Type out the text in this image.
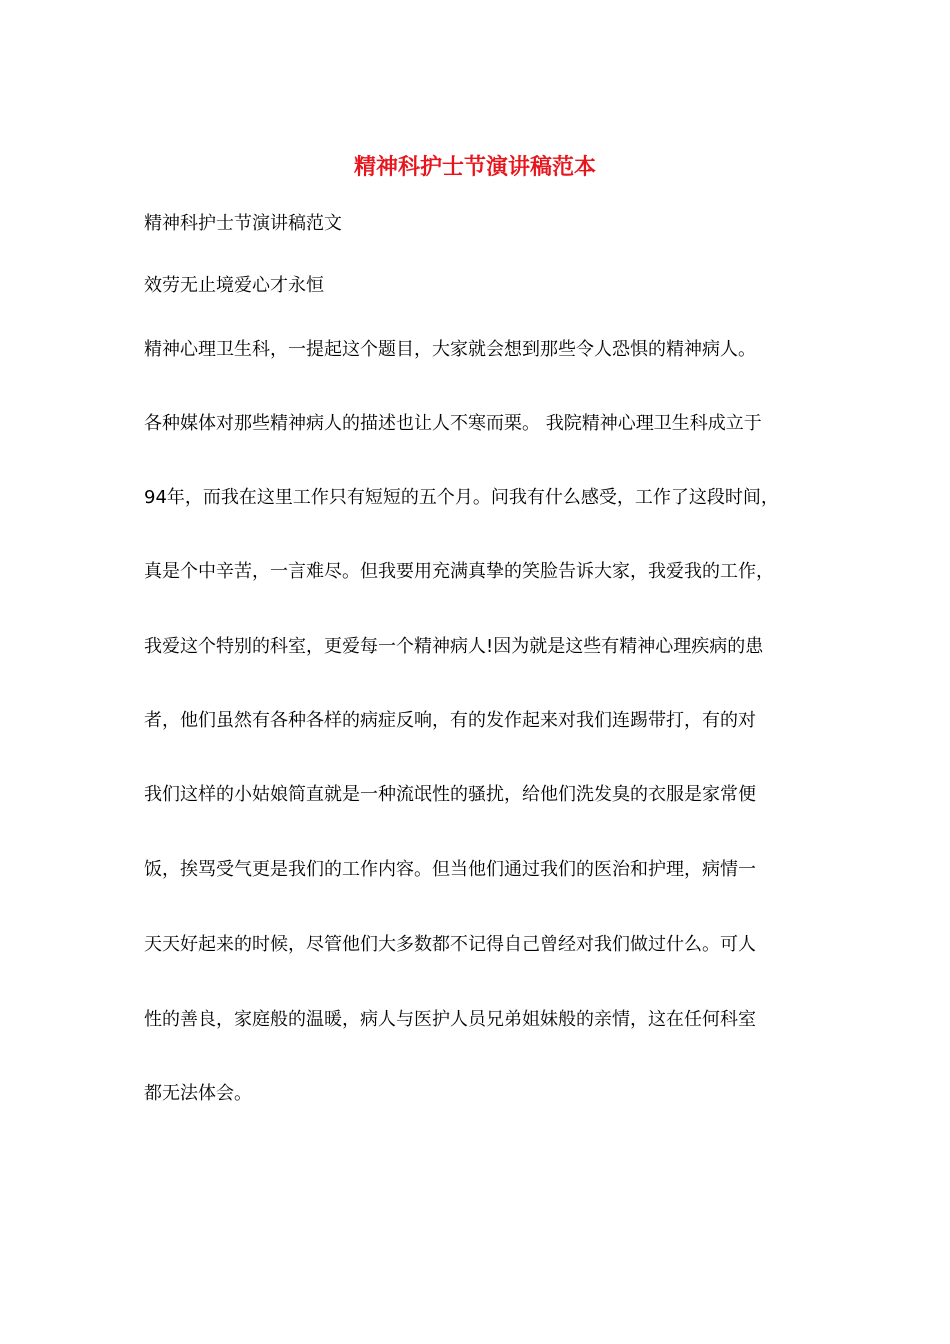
精神科护士节演讲稿范本
精神科护士节演讲稿范文
效劳无止境爱心才永恒
精神心理卫生科，一提起这个题目，大家就会想到那些令人恐惧的精神病人。
各种媒体对那些精神病人的描述也让人不寒而栗。 我院精神心理卫生科成立于
94年，而我在这里工作只有短短的五个月。问我有什么感受，工作了这段时间，
真是个中辛苦，一言难尽。但我要用充满真挚的笑脸告诉大家，我爱我的工作，
我爱这个特别的科室，更爱每一个精神病人!因为就是这些有精神心理疾病的患
者，他们虽然有各种各样的病症反响，有的发作起来对我们连踢带打，有的对
我们这样的小姑娘简直就是一种流氓性的骚扰，给他们洗发臭的衣服是家常便
饭，挨骂受气更是我们的工作内容。但当他们通过我们的医治和护理，病情一
天天好起来的时候，尽管他们大多数都不记得自己曾经对我们做过什么。可人
性的善良，家庭般的温暖，病人与医护人员兄弟姐妹般的亲情，这在任何科室
都无法体会。
